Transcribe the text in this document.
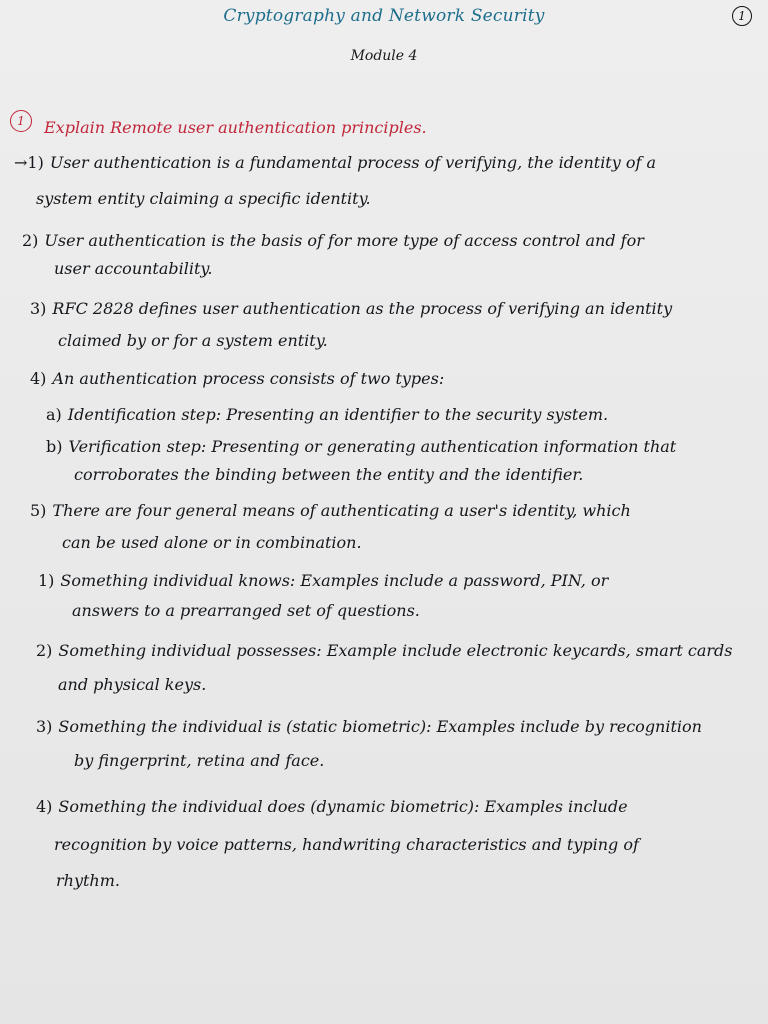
Cryptography and Network Security	1
Module 4
1	Explain Remote user authentication principles.
→1) User authentication is a fundamental process of verifying, the identity of a
system entity claiming a specific identity.
2) User authentication is the basis of for more type of access control and for
user accountability.
3) RFC 2828 defines user authentication as the process of verifying an identity
claimed by or for a system entity.
4) An authentication process consists of two types:
a) Identification step: Presenting an identifier to the security system.
b) Verification step: Presenting or generating authentication information that
corroborates the binding between the entity and the identifier.
5) There are four general means of authenticating a user's identity, which
can be used alone or in combination.
1) Something individual knows: Examples include a password, PIN, or
answers to a prearranged set of questions.
2) Something individual possesses: Example include electronic keycards, smart cards
and physical keys.
3) Something the individual is (static biometric): Examples include by recognition
by fingerprint, retina and face.
4) Something the individual does (dynamic biometric): Examples include
recognition by voice patterns, handwriting characteristics and typing of
rhythm.
